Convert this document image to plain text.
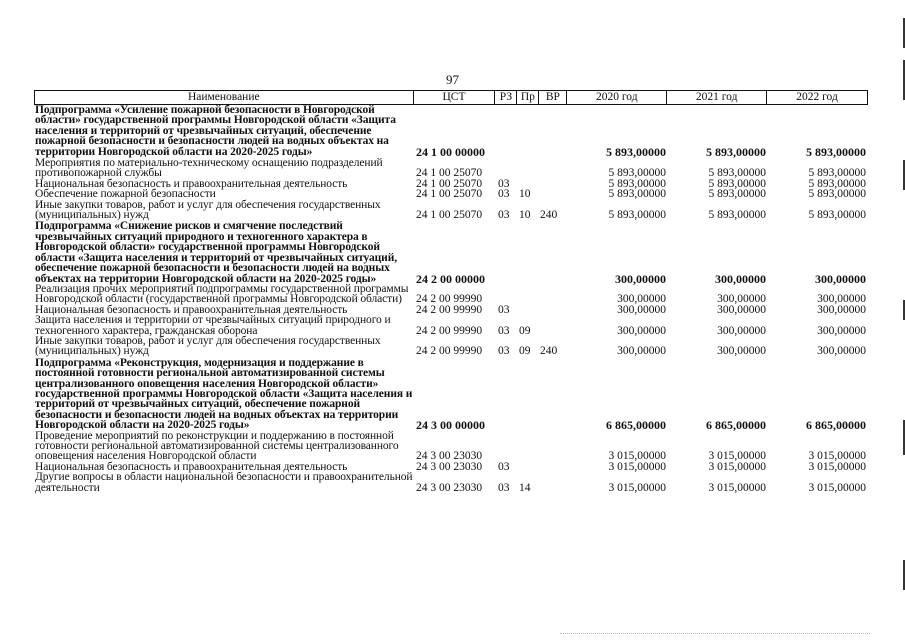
97
Наименование	ЦСТ	РЗ Пр ВР	2020 год	2021 год	2022 год
Подпрограмма «Усиление пожарной безопасности в Новгородской области» государственной программы Новгородской области «Защита населения и территорий от чрезвычайных ситуаций, обеспечение пожарной безопасности и безопасности людей на водных объектах на территории Новгородской области на 2020-2025 годы»	24 1 00 00000	5 893,00000	5 893,00000	5 893,00000
Мероприятия по материально-техническому оснащению подразделений противопожарной службы	24 1 00 25070	5 893,00000	5 893,00000	5 893,00000
Национальная безопасность и правоохранительная деятельность	24 1 00 25070	03	5 893,00000	5 893,00000	5 893,00000
Обеспечение пожарной безопасности	24 1 00 25070	03 10	5 893,00000	5 893,00000	5 893,00000
Иные закупки товаров, работ и услуг для обеспечения государственных (муниципальных) нужд	24 1 00 25070	03 10 240	5 893,00000	5 893,00000	5 893,00000
Подпрограмма «Снижение рисков и смягчение последствий чрезвычайных ситуаций природного и техногенного характера в Новгородской области» государственной программы Новгородской области «Защита населения и территорий от чрезвычайных ситуаций, обеспечение пожарной безопасности и безопасности людей на водных объектах на территории Новгородской области на 2020-2025 годы»	24 2 00 00000	300,00000	300,00000	300,00000
Реализация прочих мероприятий подпрограммы государственной программы Новгородской области (государственной программы Новгородской области)	24 2 00 99990	300,00000	300,00000	300,00000
Национальная безопасность и правоохранительная деятельность	24 2 00 99990	03	300,00000	300,00000	300,00000
Защита населения и территории от чрезвычайных ситуаций природного и техногенного характера, гражданская оборона	24 2 00 99990	03 09	300,00000	300,00000	300,00000
Иные закупки товаров, работ и услуг для обеспечения государственных (муниципальных) нужд	24 2 00 99990	03 09 240	300,00000	300,00000	300,00000
Подпрограмма «Реконструкция, модернизация и поддержание в постоянной готовности региональной автоматизированной системы централизованного оповещения населения Новгородской области» государственной программы Новгородской области «Защита населения и территорий от чрезвычайных ситуаций, обеспечение пожарной безопасности и безопасности людей на водных объектах на территории Новгородской области на 2020-2025 годы»	24 3 00 00000	6 865,00000	6 865,00000	6 865,00000
Проведение мероприятий по реконструкции и поддержанию в постоянной готовности региональной автоматизированной системы централизованного оповещения населения Новгородской области	24 3 00 23030	3 015,00000	3 015,00000	3 015,00000
Национальная безопасность и правоохранительная деятельность	24 3 00 23030	03	3 015,00000	3 015,00000	3 015,00000
Другие вопросы в области национальной безопасности и правоохранительной деятельности	24 3 00 23030	03 14	3 015,00000	3 015,00000	3 015,00000
